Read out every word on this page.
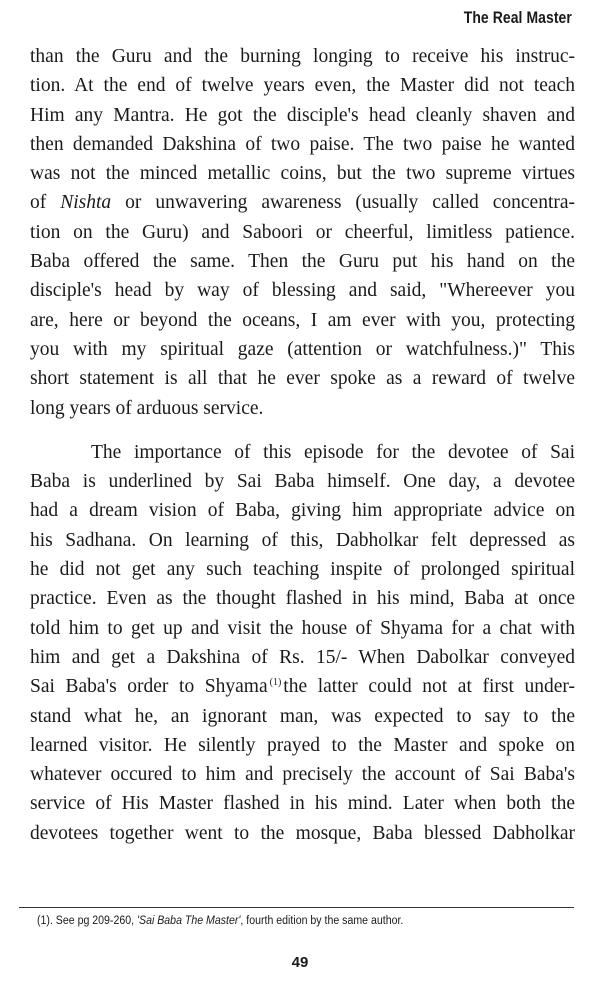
The Real Master
than the Guru and the burning longing to receive his instruc-
tion. At the end of twelve years even, the Master did not teach
Him any Mantra. He got the disciple's head cleanly shaven and
then demanded Dakshina of two paise. The two paise he wanted
was not the minced metallic coins, but the two supreme virtues
of Nishta or unwavering awareness (usually called concentra-
tion on the Guru) and Saboori or cheerful, limitless patience.
Baba offered the same. Then the Guru put his hand on the
disciple's head by way of blessing and said, "Whereever you
are, here or beyond the oceans, I am ever with you, protecting
you with my spiritual gaze (attention or watchfulness.)" This
short statement is all that he ever spoke as a reward of twelve
long years of arduous service.
The importance of this episode for the devotee of Sai
Baba is underlined by Sai Baba himself. One day, a devotee
had a dream vision of Baba, giving him appropriate advice on
his Sadhana. On learning of this, Dabholkar felt depressed as
he did not get any such teaching inspite of prolonged spiritual
practice. Even as the thought flashed in his mind, Baba at once
told him to get up and visit the house of Shyama for a chat with
him and get a Dakshina of Rs. 15/- When Dabolkar conveyed
Sai Baba's order to Shyama $^{(1)}$ the latter could not at first under-
stand what he, an ignorant man, was expected to say to the
learned visitor. He silently prayed to the Master and spoke on
whatever occured to him and precisely the account of Sai Baba's
service of His Master flashed in his mind. Later when both the
devotees together went to the mosque, Baba blessed Dabholkar
(1). See pg 209-260, 'Sai Baba The Master', fourth edition by the same author.
49
